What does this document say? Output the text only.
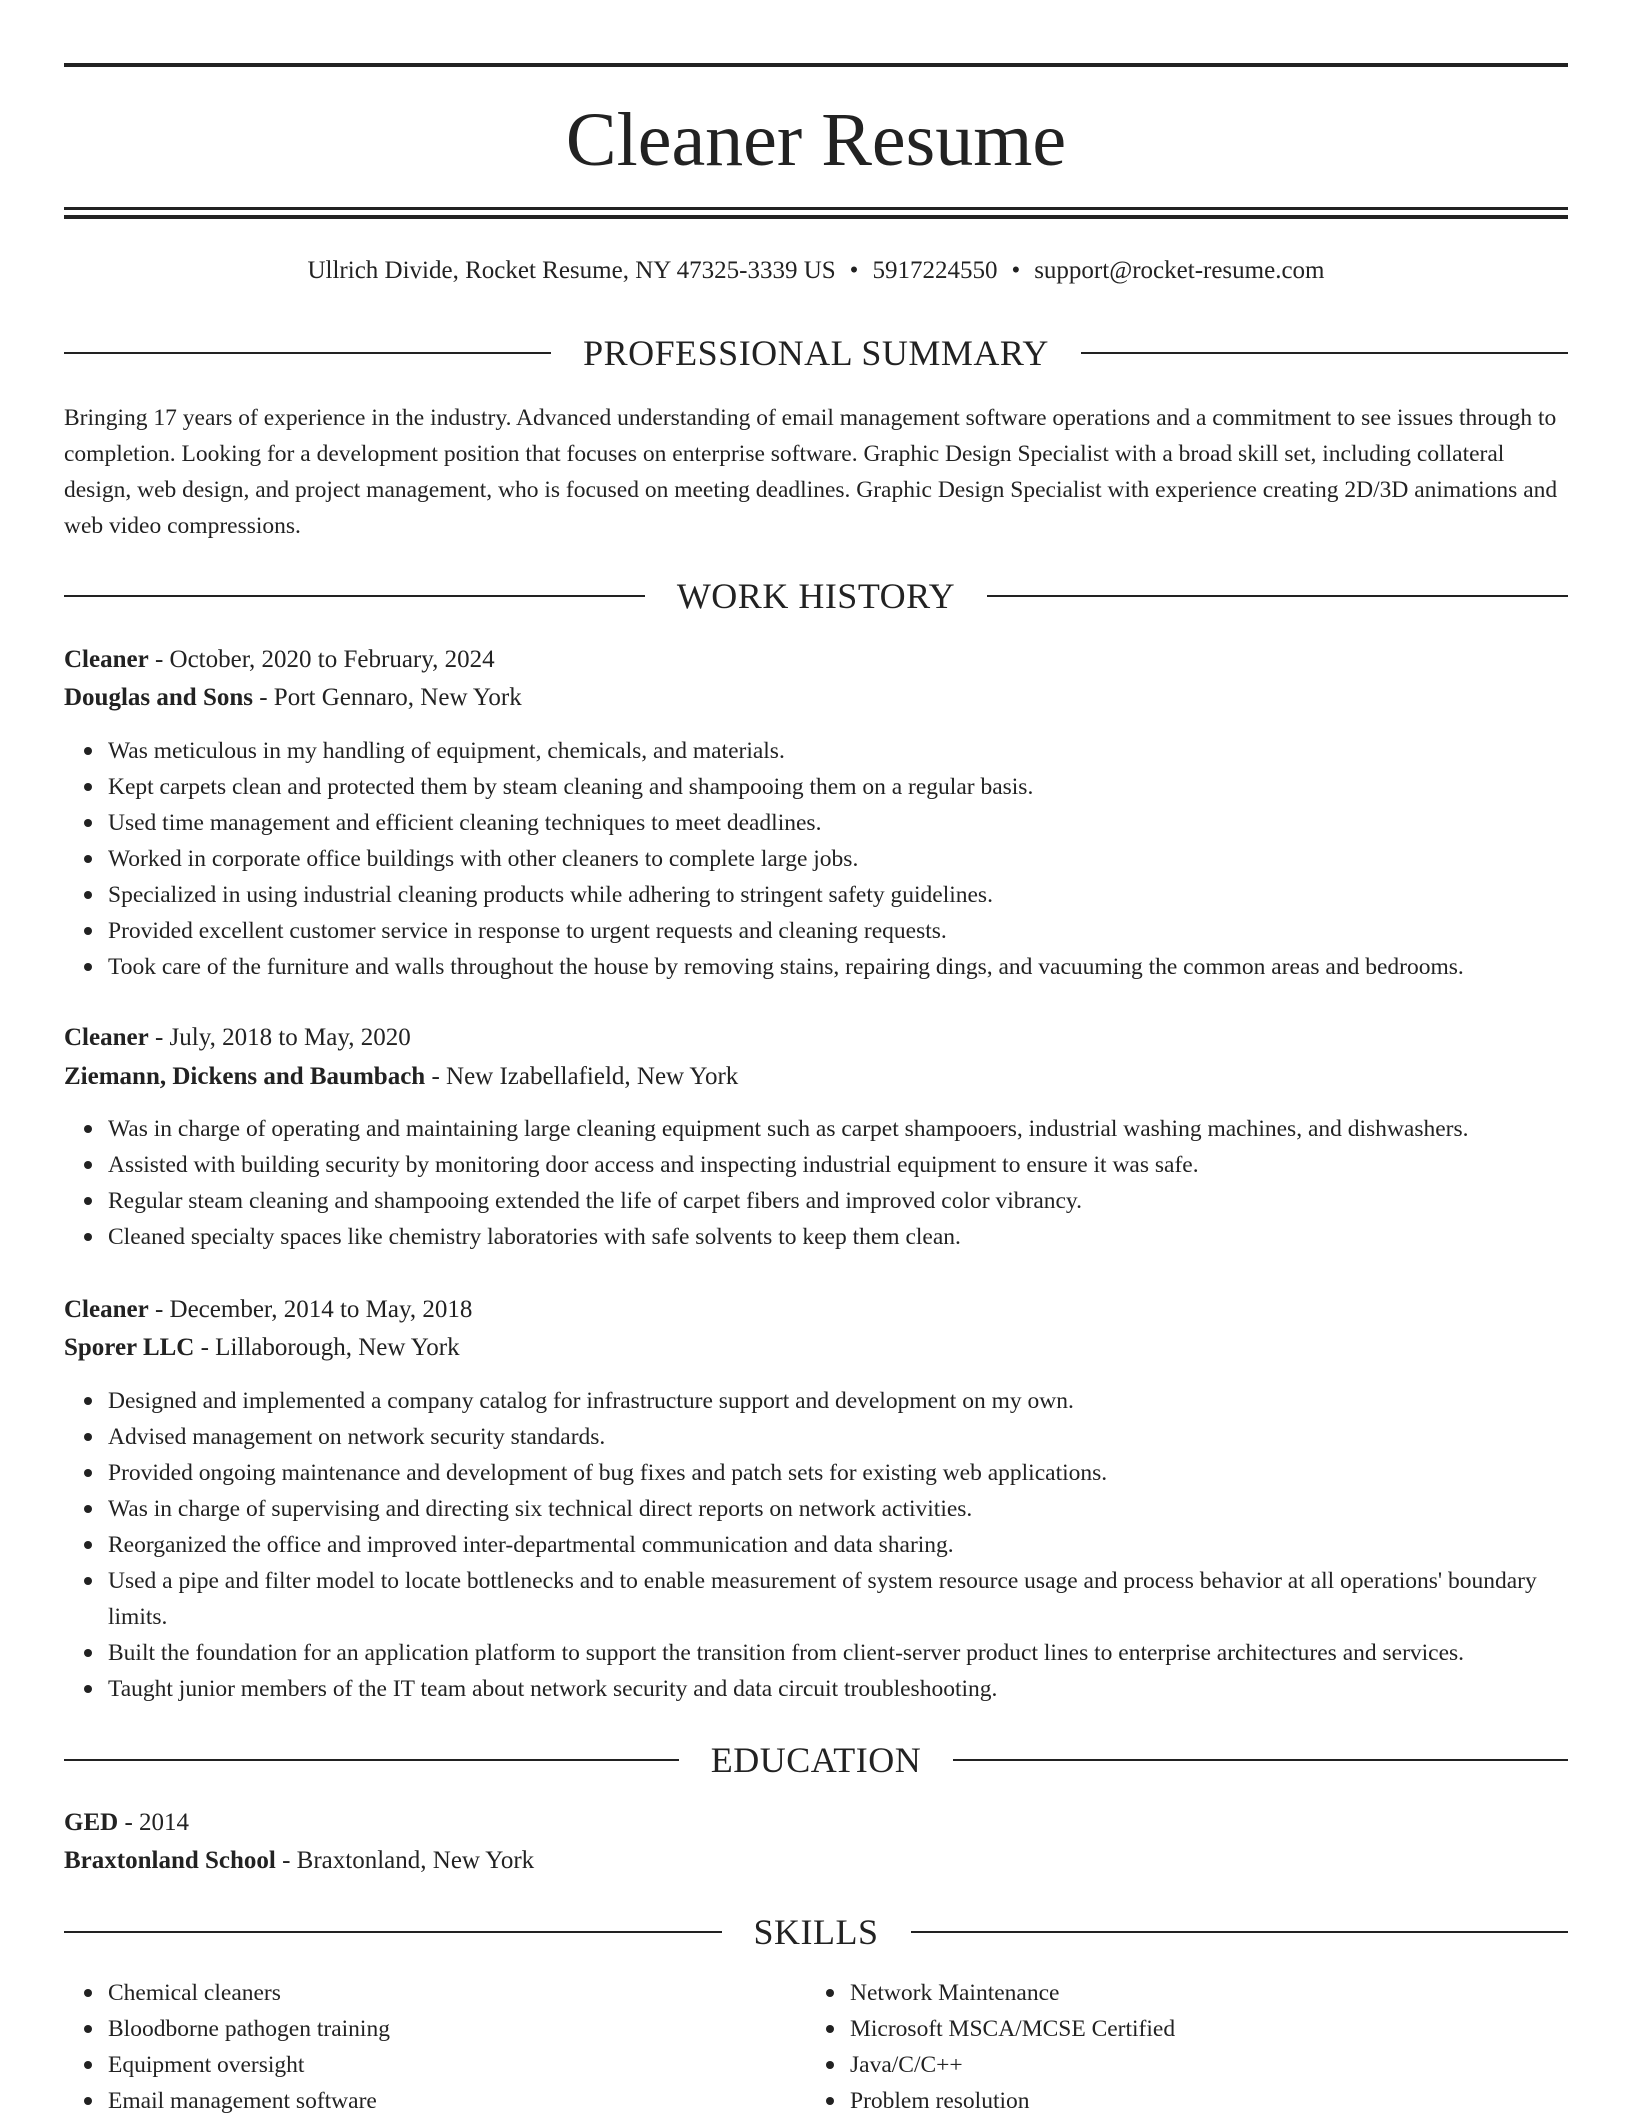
Cleaner Resume
Ullrich Divide, Rocket Resume, NY 47325-3339 US • 5917224550 • support@rocket-resume.com
PROFESSIONAL SUMMARY

Bringing 17 years of experience in the industry. Advanced understanding of email management software operations and a commitment to see issues through to completion. Looking for a development position that focuses on enterprise software. Graphic Design Specialist with a broad skill set, including collateral design, web design, and project management, who is focused on meeting deadlines. Graphic Design Specialist with experience creating 2D/3D animations and web video compressions.

WORK HISTORY
Cleaner - October, 2020 to February, 2024
Douglas and Sons - Port Gennaro, New York
Was meticulous in my handling of equipment, chemicals, and materials.
Kept carpets clean and protected them by steam cleaning and shampooing them on a regular basis.
Used time management and efficient cleaning techniques to meet deadlines.
Worked in corporate office buildings with other cleaners to complete large jobs.
Specialized in using industrial cleaning products while adhering to stringent safety guidelines.
Provided excellent customer service in response to urgent requests and cleaning requests.
Took care of the furniture and walls throughout the house by removing stains, repairing dings, and vacuuming the common areas and bedrooms.
Cleaner - July, 2018 to May, 2020
Ziemann, Dickens and Baumbach - New Izabellafield, New York
Was in charge of operating and maintaining large cleaning equipment such as carpet shampooers, industrial washing machines, and dishwashers.
Assisted with building security by monitoring door access and inspecting industrial equipment to ensure it was safe.
Regular steam cleaning and shampooing extended the life of carpet fibers and improved color vibrancy.
Cleaned specialty spaces like chemistry laboratories with safe solvents to keep them clean.
Cleaner - December, 2014 to May, 2018
Sporer LLC - Lillaborough, New York
Designed and implemented a company catalog for infrastructure support and development on my own.
Advised management on network security standards.
Provided ongoing maintenance and development of bug fixes and patch sets for existing web applications.
Was in charge of supervising and directing six technical direct reports on network activities.
Reorganized the office and improved inter-departmental communication and data sharing.
Used a pipe and filter model to locate bottlenecks and to enable measurement of system resource usage and process behavior at all operations' boundary limits.
Built the foundation for an application platform to support the transition from client-server product lines to enterprise architectures and services.
Taught junior members of the IT team about network security and data circuit troubleshooting.
EDUCATION
GED - 2014
Braxtonland School - Braxtonland, New York
SKILLS
Chemical cleaners
Bloodborne pathogen training
Equipment oversight
Email management software
Network Maintenance
Microsoft MSCA/MCSE Certified
Java/C/C++
Problem resolution
